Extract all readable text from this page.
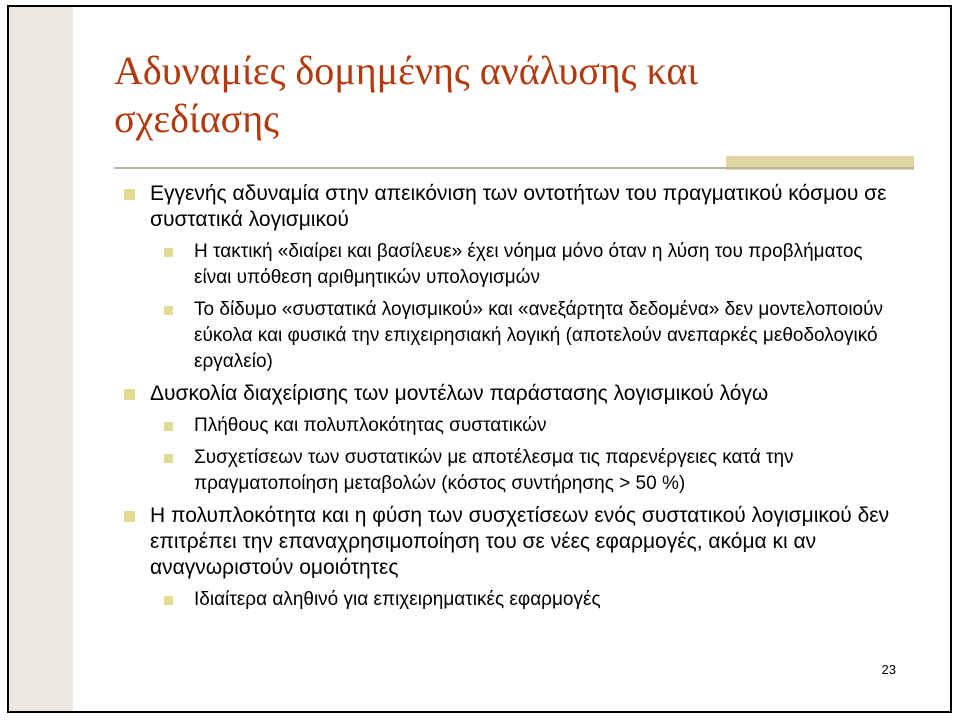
Αδυναμίες δομημένης ανάλυσης και σχεδίασης
Εγγενής αδυναμία στην απεικόνιση των οντοτήτων του πραγματικού κόσμου σε συστατικά λογισμικού
Η τακτική «διαίρει και βασίλευε» έχει νόημα μόνο όταν η λύση του προβλήματος είναι υπόθεση αριθμητικών υπολογισμών
Το δίδυμο «συστατικά λογισμικού» και «ανεξάρτητα δεδομένα» δεν μοντελοποιούν εύκολα και φυσικά την επιχειρησιακή λογική (αποτελούν ανεπαρκές μεθοδολογικό εργαλείο)
Δυσκολία διαχείρισης των μοντέλων παράστασης λογισμικού λόγω
Πλήθους και πολυπλοκότητας συστατικών
Συσχετίσεων των συστατικών με αποτέλεσμα τις παρενέργειες κατά την πραγματοποίηση μεταβολών (κόστος συντήρησης > 50 %)
Η πολυπλοκότητα και η φύση των συσχετίσεων ενός συστατικού λογισμικού δεν επιτρέπει την επαναχρησιμοποίηση του σε νέες εφαρμογές, ακόμα κι αν αναγνωριστούν ομοιότητες
Ιδιαίτερα αληθινό για επιχειρηματικές εφαρμογές
23
